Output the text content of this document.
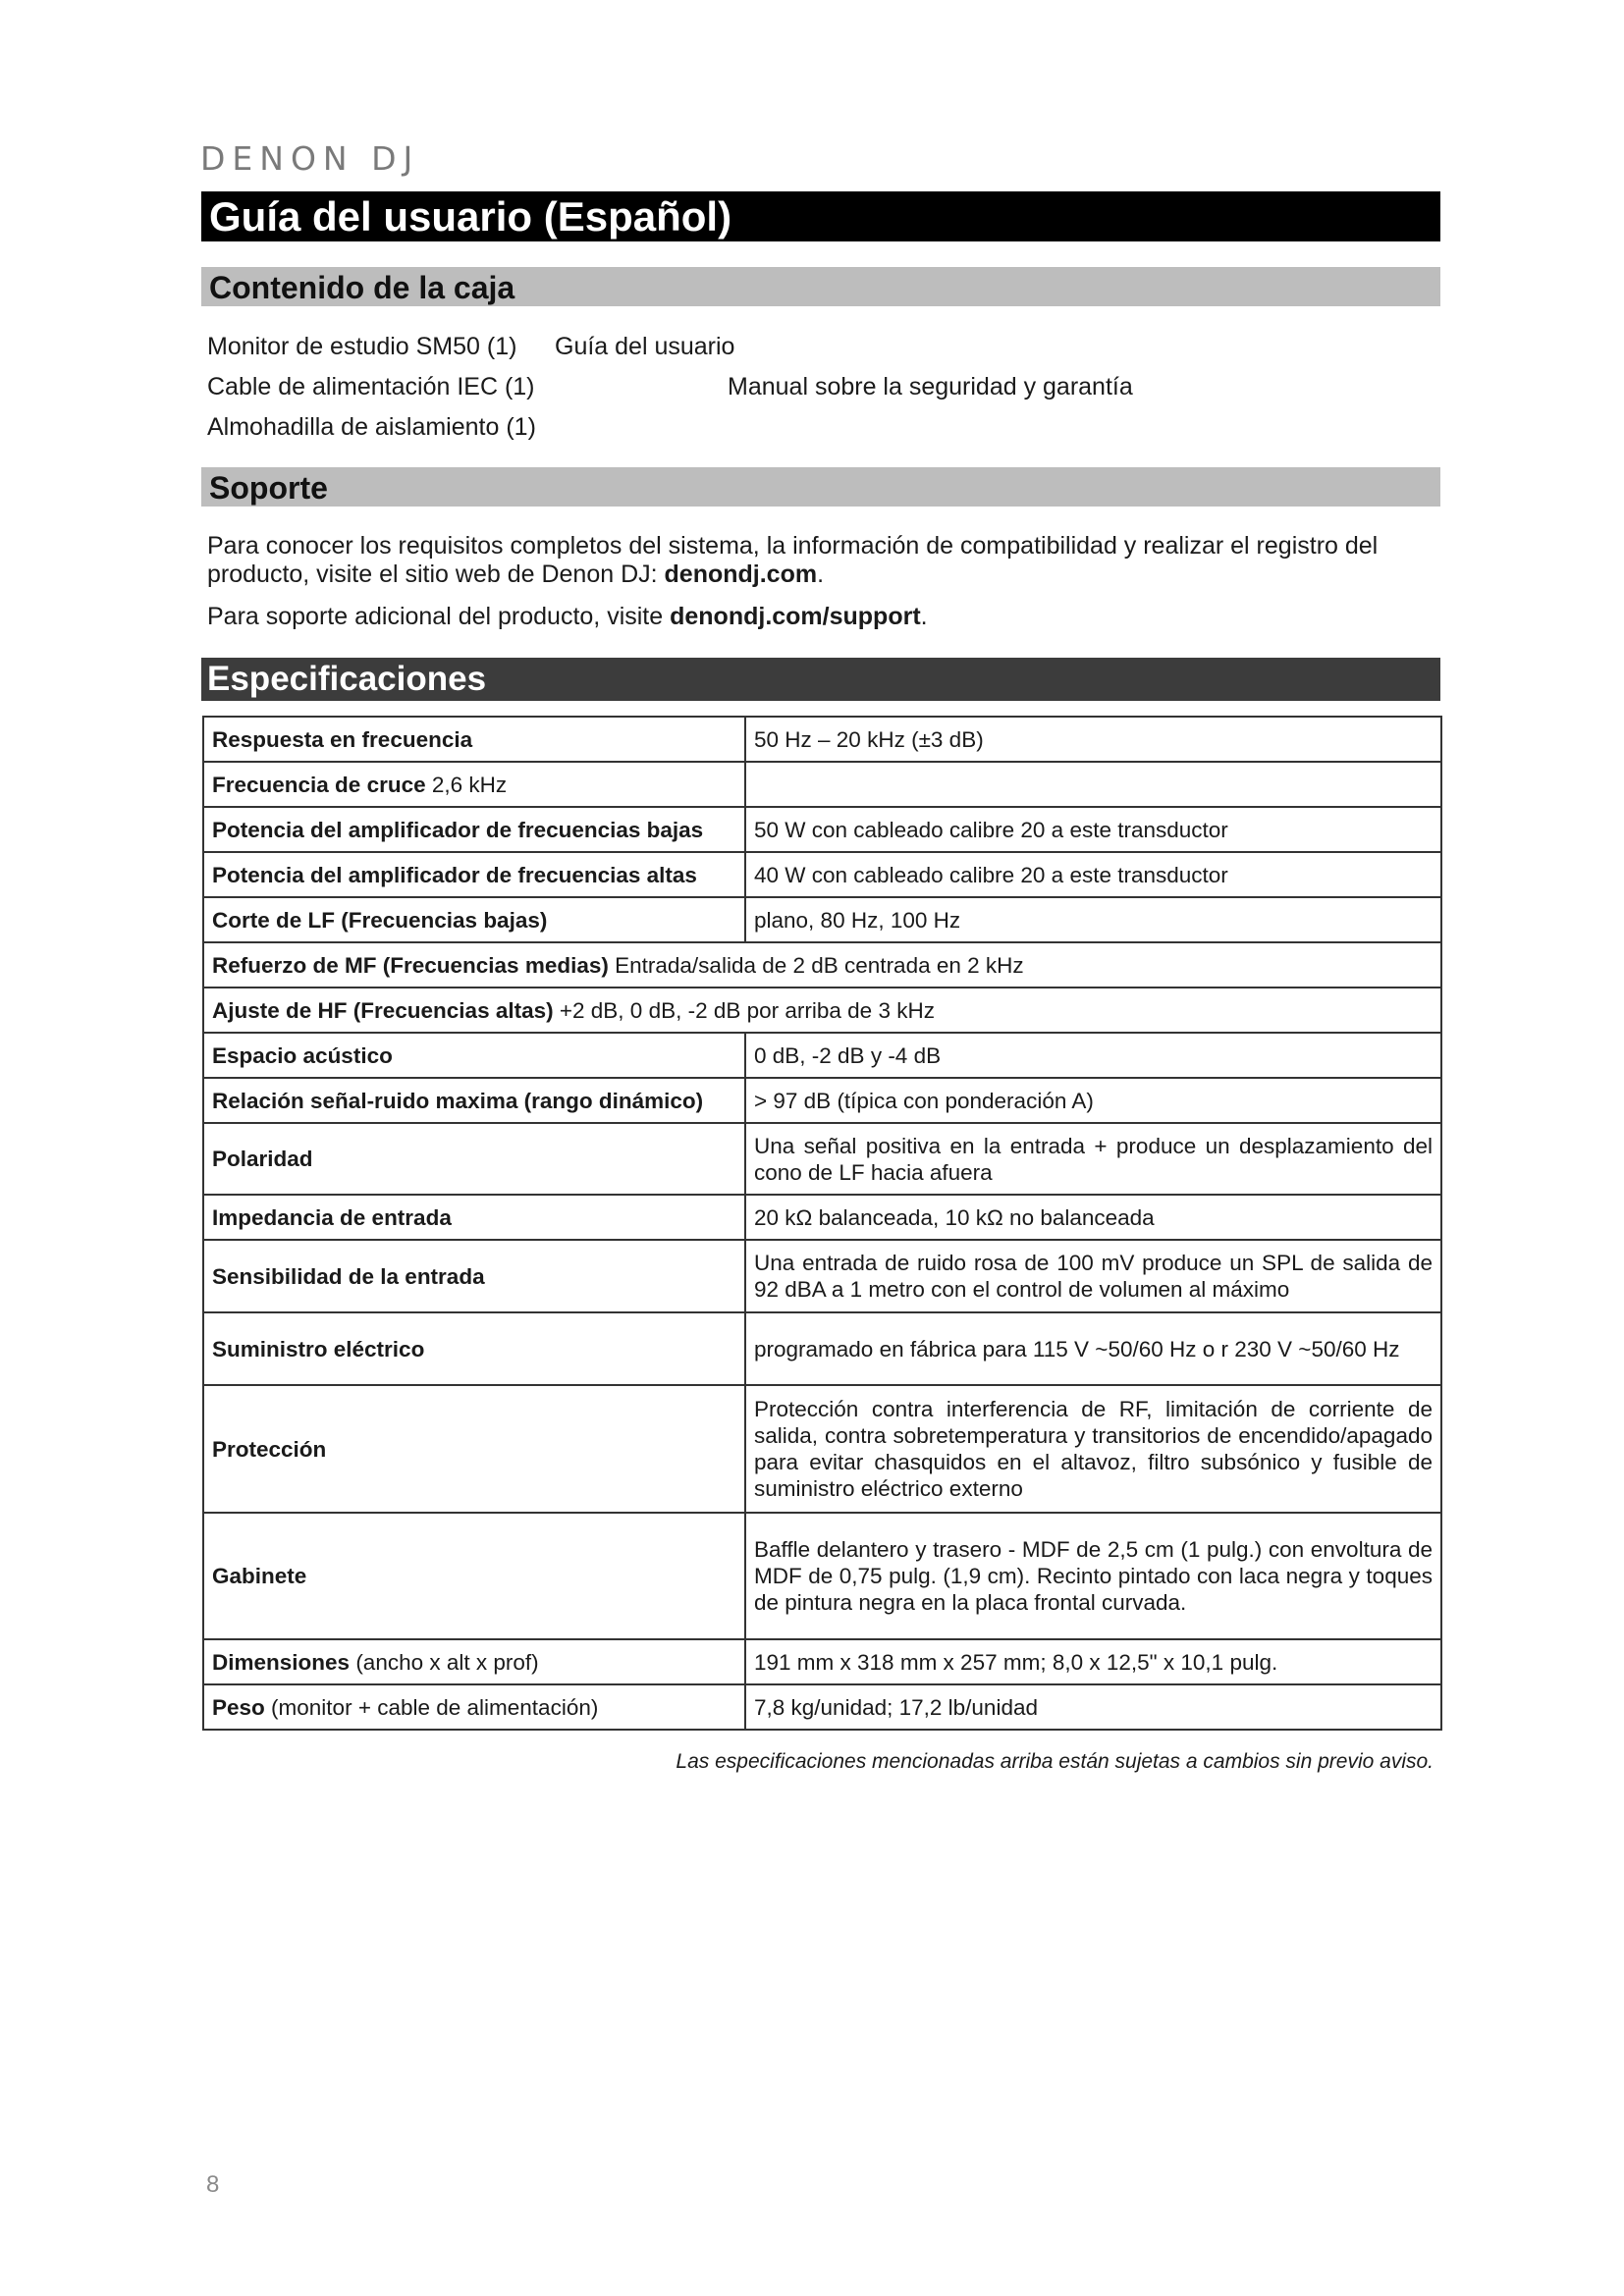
DENON DJ
Guía del usuario (Español)
Contenido de la caja
Monitor de estudio SM50 (1) Guía del usuario
Cable de alimentación IEC (1)	Manual sobre la seguridad y garantía
Almohadilla de aislamiento (1)
Soporte
Para conocer los requisitos completos del sistema, la información de compatibilidad y realizar el registro del producto, visite el sitio web de Denon DJ: denondj.com.
Para soporte adicional del producto, visite denondj.com/support.
Especificaciones
Respuesta en frecuencia	50 Hz – 20 kHz (±3 dB)
Frecuencia de cruce 2,6 kHz	
Potencia del amplificador de frecuencias bajas	50 W con cableado calibre 20 a este transductor
Potencia del amplificador de frecuencias altas	40 W con cableado calibre 20 a este transductor
Corte de LF (Frecuencias bajas)	plano, 80 Hz, 100 Hz
Refuerzo de MF (Frecuencias medias) Entrada/salida de 2 dB centrada en 2 kHz	
Ajuste de HF (Frecuencias altas) +2 dB, 0 dB, -2 dB por arriba de 3 kHz	
Espacio acústico	0 dB, -2 dB y -4 dB
Relación señal-ruido maxima (rango dinámico)	> 97 dB (típica con ponderación A)
Polaridad	Una señal positiva en la entrada + produce un desplazamiento del cono de LF hacia afuera
Impedancia de entrada	20 kΩ balanceada, 10 kΩ no balanceada
Sensibilidad de la entrada	Una entrada de ruido rosa de 100 mV produce un SPL de salida de 92 dBA a 1 metro con el control de volumen al máximo
Suministro eléctrico	programado en fábrica para 115 V ~50/60 Hz o r 230 V ~50/60 Hz
Protección	Protección contra interferencia de RF, limitación de corriente de salida, contra sobretemperatura y transitorios de encendido/apagado para evitar chasquidos en el altavoz, filtro subsónico y fusible de suministro eléctrico externo
Gabinete	Baffle delantero y trasero - MDF de 2,5 cm (1 pulg.) con envoltura de MDF de 0,75 pulg. (1,9 cm). Recinto pintado con laca negra y toques de pintura negra en la placa frontal curvada.
Dimensiones (ancho x alt x prof)	191 mm x 318 mm x 257 mm; 8,0 x 12,5" x 10,1 pulg.
Peso (monitor + cable de alimentación)	7,8 kg/unidad; 17,2 lb/unidad
Las especificaciones mencionadas arriba están sujetas a cambios sin previo aviso.
8
